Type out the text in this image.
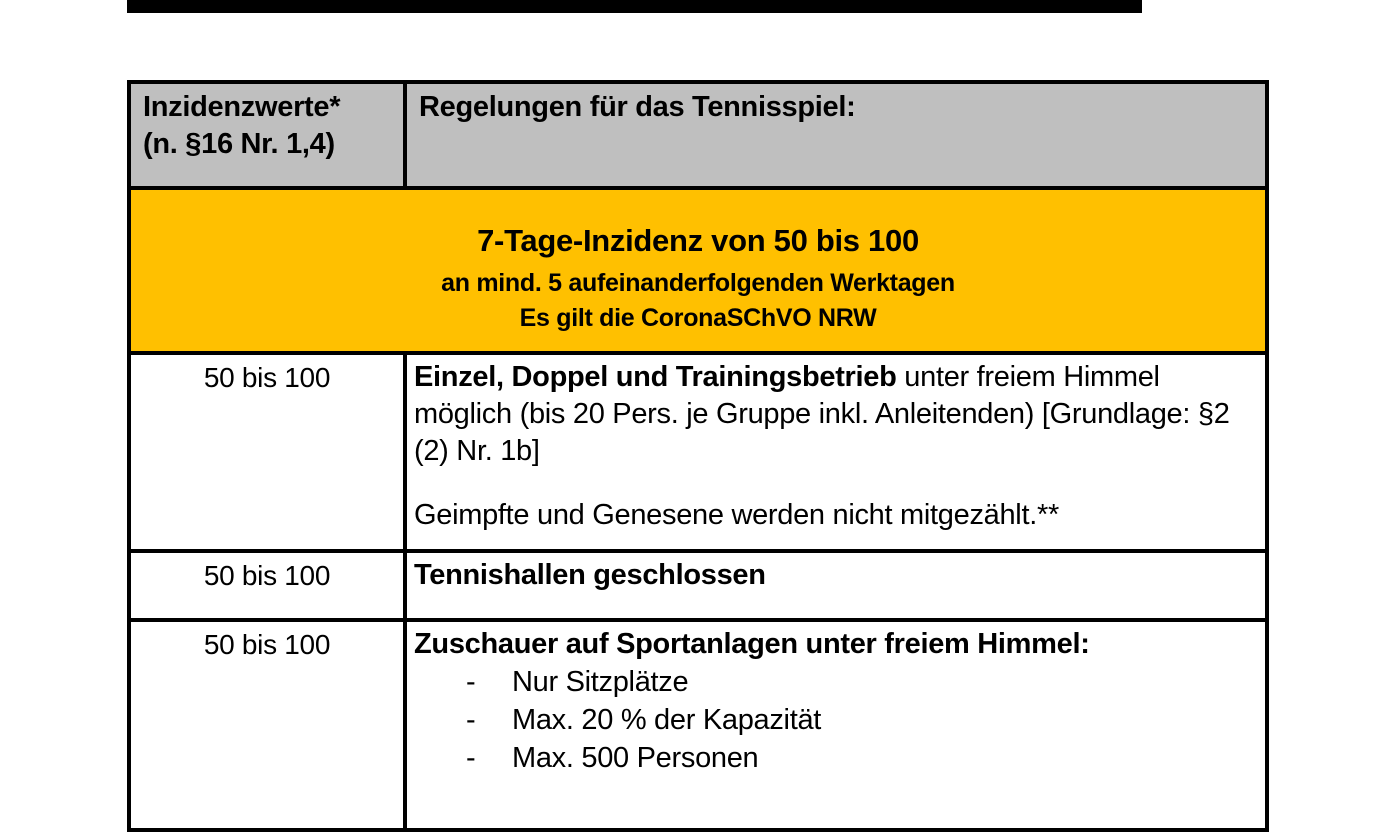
Inzidenzwerte*
(n. §16 Nr. 1,4)	Regelungen für das Tennisspiel:

7-Tage-Inzidenz von 50 bis 100
an mind. 5 aufeinanderfolgenden Werktagen
Es gilt die CoronaSChVO NRW	

50 bis 100	Einzel, Doppel und Trainingsbetrieb unter freiem Himmel möglich (bis 20 Pers. je Gruppe inkl. Anleitenden) [Grundlage: §2 (2) Nr. 1b]

Geimpfte und Genesene werden nicht mitgezählt.**

50 bis 100	Tennishallen geschlossen

50 bis 100	Zuschauer auf Sportanlagen unter freiem Himmel:

- Nur Sitzplätze
- Max. 20 % der Kapazität
- Max. 500 Personen
